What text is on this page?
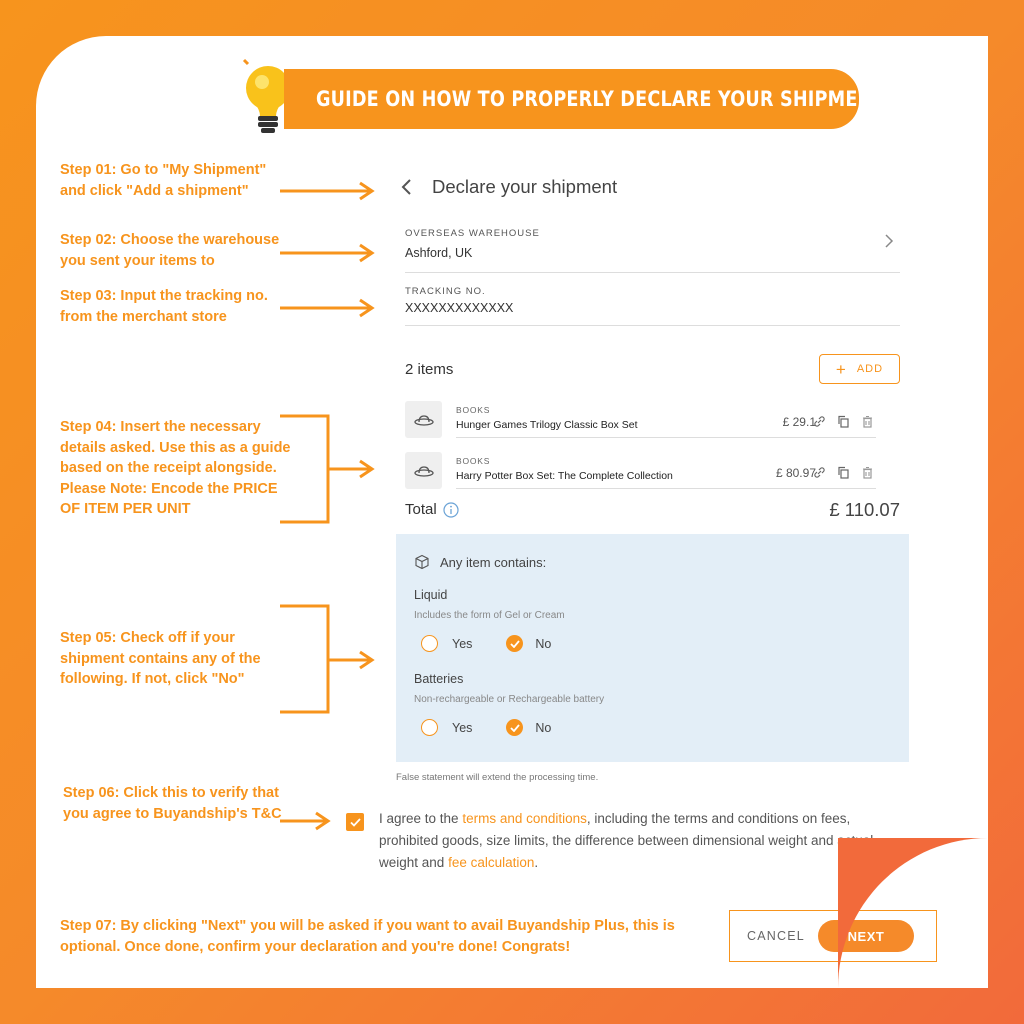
GUIDE ON HOW TO PROPERLY DECLARE YOUR SHIPMENTS
Step 01: Go to "My Shipment" and click "Add a shipment"
Step 02: Choose the warehouse you sent your items to
Step 03: Input the tracking no. from the merchant store
Step 04: Insert the necessary details asked. Use this as a guide based on the receipt alongside. Please Note: Encode the PRICE OF ITEM PER UNIT
Step 05: Check off if your shipment contains any of the following. If not, click "No"
Step 06: Click this to verify that you agree to Buyandship's T&C
Step 07: By clicking "Next" you will be asked if you want to avail Buyandship Plus, this is optional. Once done, confirm your declaration and you're done! Congrats!
Declare your shipment
OVERSEAS WAREHOUSE
Ashford, UK
TRACKING NO.
XXXXXXXXXXXXX
2 items	+ ADD
BOOKS
Hunger Games Trilogy Classic Box Set	£ 29.1
BOOKS
Harry Potter Box Set: The Complete Collection	£ 80.97
Total	£ 110.07
Any item contains:
Liquid
Includes the form of Gel or Cream
Yes	No
Batteries
Non-rechargeable or Rechargeable battery
Yes	No
False statement will extend the processing time.
I agree to the terms and conditions, including the terms and conditions on fees, prohibited goods, size limits, the difference between dimensional weight and actual weight and fee calculation.
CANCEL	NEXT
